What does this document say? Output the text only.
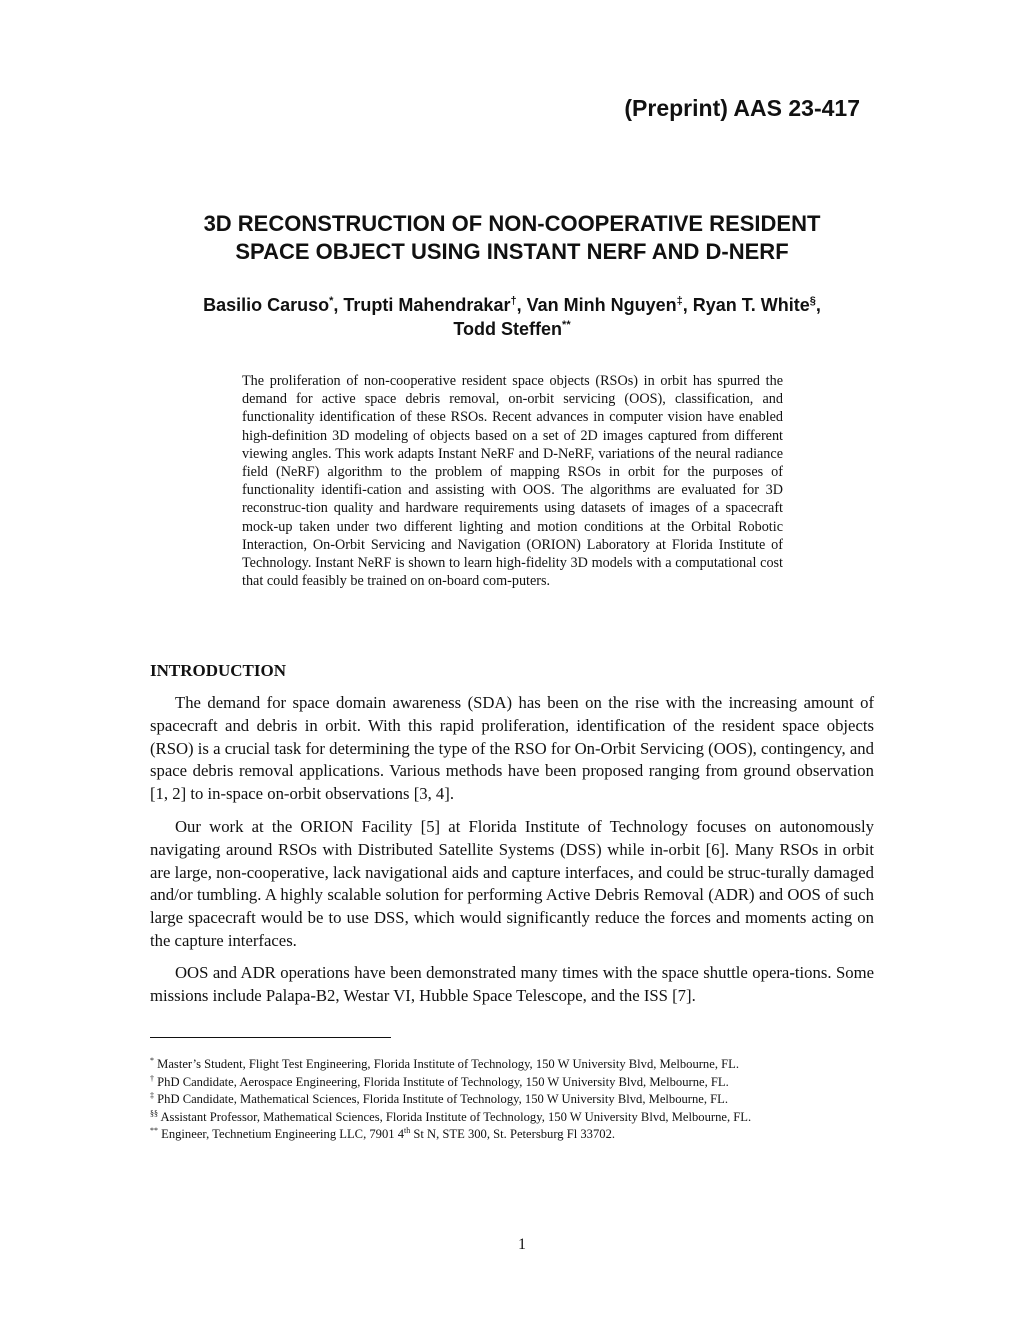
(Preprint) AAS 23-417

3D RECONSTRUCTION OF NON-COOPERATIVE RESIDENT
SPACE OBJECT USING INSTANT NERF AND D-NERF

Basilio Caruso*, Trupti Mahendrakar†, Van Minh Nguyen‡, Ryan T. White§,
Todd Steffen**

The proliferation of non-cooperative resident space objects (RSOs) in orbit has spurred the demand for active space debris removal, on-orbit servicing (OOS), classification, and functionality identification of these RSOs. Recent advances in computer vision have enabled high-definition 3D modeling of objects based on a set of 2D images captured from different viewing angles. This work adapts Instant NeRF and D-NeRF, variations of the neural radiance field (NeRF) algorithm to the problem of mapping RSOs in orbit for the purposes of functionality identifi-cation and assisting with OOS. The algorithms are evaluated for 3D reconstruc-tion quality and hardware requirements using datasets of images of a spacecraft mock-up taken under two different lighting and motion conditions at the Orbital Robotic Interaction, On-Orbit Servicing and Navigation (ORION) Laboratory at Florida Institute of Technology. Instant NeRF is shown to learn high-fidelity 3D models with a computational cost that could feasibly be trained on on-board com-puters.

INTRODUCTION

The demand for space domain awareness (SDA) has been on the rise with the increasing amount of spacecraft and debris in orbit. With this rapid proliferation, identification of the resident space objects (RSO) is a crucial task for determining the type of the RSO for On-Orbit Servicing (OOS), contingency, and space debris removal applications. Various methods have been proposed ranging from ground observation [1, 2] to in-space on-orbit observations [3, 4].

Our work at the ORION Facility [5] at Florida Institute of Technology focuses on autonomously navigating around RSOs with Distributed Satellite Systems (DSS) while in-orbit [6]. Many RSOs in orbit are large, non-cooperative, lack navigational aids and capture interfaces, and could be struc-turally damaged and/or tumbling. A highly scalable solution for performing Active Debris Removal (ADR) and OOS of such large spacecraft would be to use DSS, which would significantly reduce the forces and moments acting on the capture interfaces.

OOS and ADR operations have been demonstrated many times with the space shuttle opera-tions. Some missions include Palapa-B2, Westar VI, Hubble Space Telescope, and the ISS [7].

* Master’s Student, Flight Test Engineering, Florida Institute of Technology, 150 W University Blvd, Melbourne, FL.
† PhD Candidate, Aerospace Engineering, Florida Institute of Technology, 150 W University Blvd, Melbourne, FL.
‡ PhD Candidate, Mathematical Sciences, Florida Institute of Technology, 150 W University Blvd, Melbourne, FL.
§§ Assistant Professor, Mathematical Sciences, Florida Institute of Technology, 150 W University Blvd, Melbourne, FL.
** Engineer, Technetium Engineering LLC, 7901 4th St N, STE 300, St. Petersburg Fl 33702.

1
